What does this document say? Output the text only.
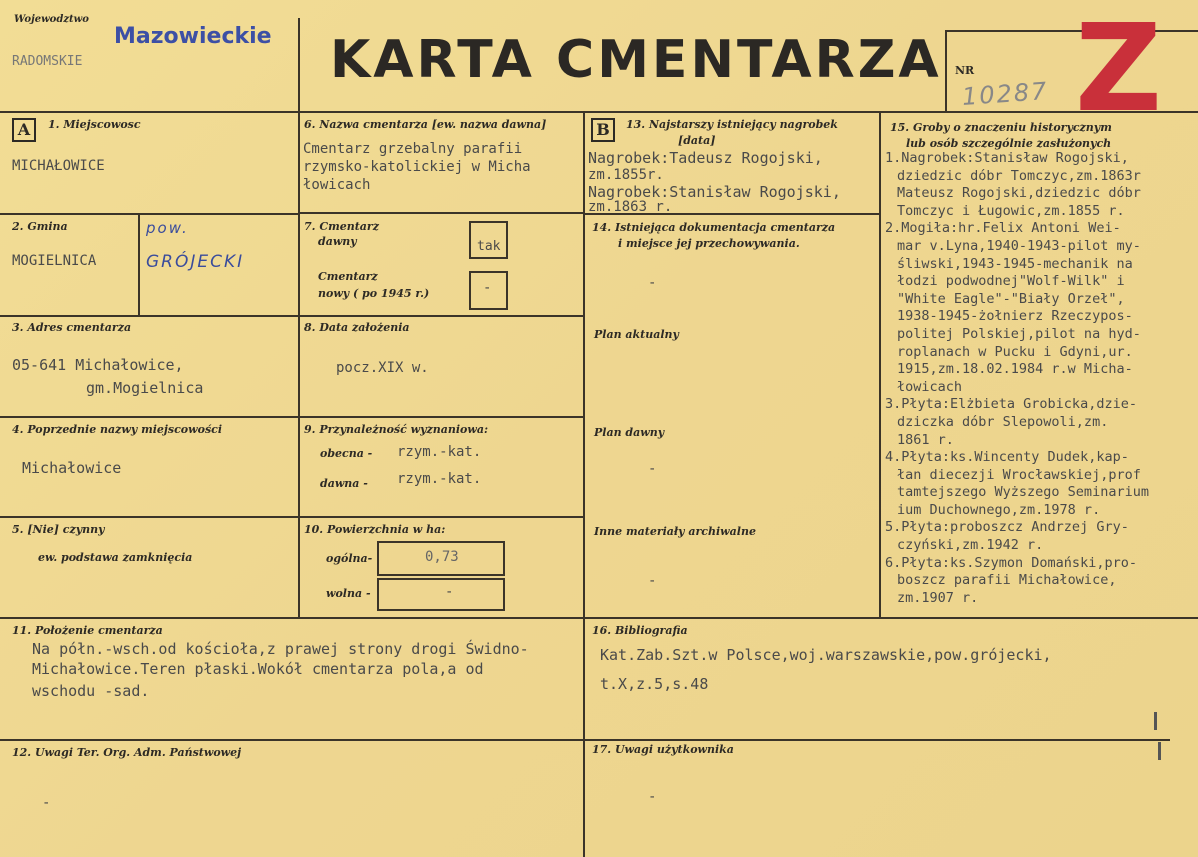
Wojewodztwo
Mazowieckie
RADOMSKIE	KARTA CMENTARZA NR
10287 Z
A	1. Miejscowosc
MICHAŁOWICE
2. Gmina
MOGIELNICA
pow.
GRÓJECKI
3. Adres cmentarza
05-641 Michałowice,
gm.Mogielnica
4. Poprzednie nazwy miejscowości
Michałowice
5. [Nie] czynny
ew. podstawa zamknięcia
6. Nazwa cmentarza [ew. nazwa dawna]
Cmentarz grzebalny parafii
rzymsko-katolickiej w Micha
łowicach
7. Cmentarz
dawny	tak
Cmentarz
nowy ( po 1945 r.)	-
8. Data założenia
pocz.XIX w.
9. Przynależność wyznaniowa:
obecna - rzym.-kat.
dawna - rzym.-kat.
10. Powierzchnia w ha:
ogólna-	0,73
wolna -	-
B	13. Najstarszy istniejący nagrobek
[data]
Nagrobek:Tadeusz Rogojski,
zm.1855r.
Nagrobek:Stanisław Rogojski,
zm.1863 r.
14. Istniejąca dokumentacja cmentarza
i miejsce jej przechowywania.
-
Plan aktualny
Plan dawny
-
Inne materiały archiwalne
-
15. Groby o znaczeniu historycznym
lub osób szczególnie zasłużonych
1.Nagrobek:Stanisław Rogojski,
dziedzic dóbr Tomczyc,zm.1863r
Mateusz Rogojski,dziedzic dóbr
Tomczyc i Ługowic,zm.1855 r.
2.Mogiła:hr.Felix Antoni Wei-
mar v.Lyna,1940-1943-pilot my-
śliwski,1943-1945-mechanik na
łodzi podwodnej"Wolf-Wilk" i
"White Eagle"-"Biały Orzeł",
1938-1945-żołnierz Rzeczypos-
politej Polskiej,pilot na hyd-
roplanach w Pucku i Gdyni,ur.
1915,zm.18.02.1984 r.w Micha-
łowicach
3.Płyta:Elżbieta Grobicka,dzie-
dziczka dóbr Slepowoli,zm.
1861 r.
4.Płyta:ks.Wincenty Dudek,kap-
łan diecezji Wrocławskiej,prof
tamtejszego Wyższego Seminarium
ium Duchownego,zm.1978 r.
5.Płyta:proboszcz Andrzej Gry-
czyński,zm.1942 r.
6.Płyta:ks.Szymon Domański,pro-
boszcz parafii Michałowice,
zm.1907 r.
11. Położenie cmentarza
Na półn.-wsch.od kościoła,z prawej strony drogi Świdno-
Michałowice.Teren płaski.Wokół cmentarza pola,a od
wschodu -sad.
16. Bibliografia
Kat.Zab.Szt.w Polsce,woj.warszawskie,pow.grójecki,
t.X,z.5,s.48
12. Uwagi Ter. Org. Adm. Państwowej
-
17. Uwagi użytkownika
-
